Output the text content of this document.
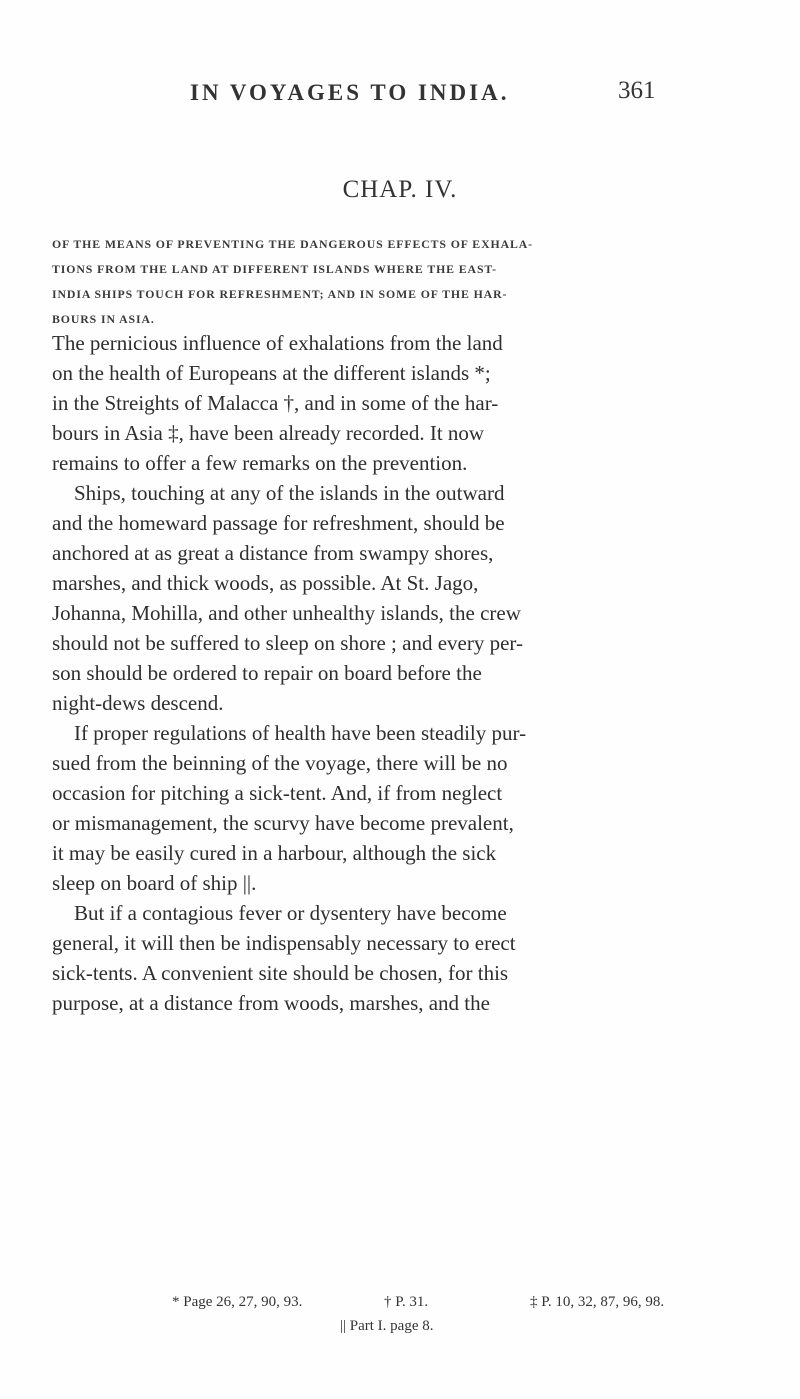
IN VOYAGES TO INDIA.	361
CHAP. IV.
OF THE MEANS OF PREVENTING THE DANGEROUS EFFECTS OF EXHALA-
TIONS FROM THE LAND AT DIFFERENT ISLANDS WHERE THE EAST-
INDIA SHIPS TOUCH FOR REFRESHMENT; AND IN SOME OF THE HAR-
BOURS IN ASIA.
The pernicious influence of exhalations from the land
on the health of Europeans at the different islands *;
in the Streights of Malacca †, and in some of the har-
bours in Asia ‡, have been already recorded. It now
remains to offer a few remarks on the prevention.
Ships, touching at any of the islands in the outward
and the homeward passage for refreshment, should be
anchored at as great a distance from swampy shores,
marshes, and thick woods, as possible. At St. Jago,
Johanna, Mohilla, and other unhealthy islands, the crew
should not be suffered to sleep on shore ; and every per-
son should be ordered to repair on board before the
night-dews descend.
If proper regulations of health have been steadily pur-
sued from the beinning of the voyage, there will be no
occasion for pitching a sick-tent. And, if from neglect
or mismanagement, the scurvy have become prevalent,
it may be easily cured in a harbour, although the sick
sleep on board of ship ||.
But if a contagious fever or dysentery have become
general, it will then be indispensably necessary to erect
sick-tents. A convenient site should be chosen, for this
purpose, at a distance from woods, marshes, and the
* Page 26, 27, 90, 93.	† P. 31.	‡ P. 10, 32, 87, 96, 98.
|| Part I. page 8.
